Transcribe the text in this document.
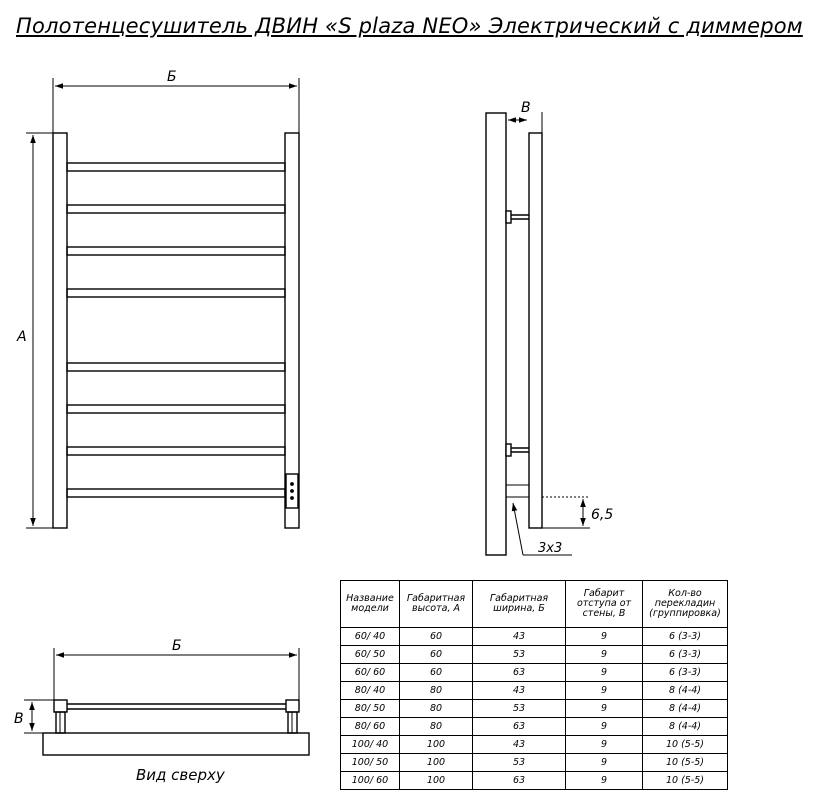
Полотенцесушитель ДВИН «S plaza NEO» Электрический с диммером
Б
А
В
6,5
3x3
Б
В
Вид сверху
Название модели	Габаритная высота, А	Габаритная ширина, Б	Габарит отступа от стены, В	Кол-во перекладин (группировка)
60/ 40	60	43	9	6 (3-3)
60/ 50	60	53	9	6 (3-3)
60/ 60	60	63	9	6 (3-3)
80/ 40	80	43	9	8 (4-4)
80/ 50	80	53	9	8 (4-4)
80/ 60	80	63	9	8 (4-4)
100/ 40	100	43	9	10 (5-5)
100/ 50	100	53	9	10 (5-5)
100/ 60	100	63	9	10 (5-5)
